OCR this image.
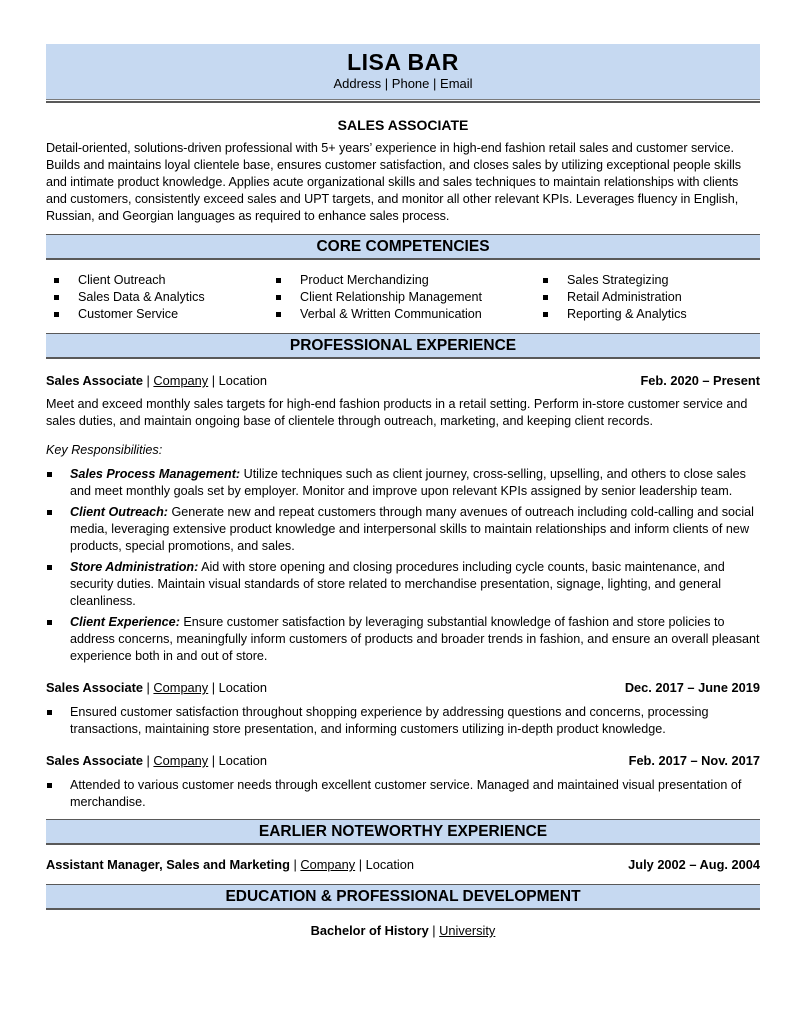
LISA BAR
Address | Phone | Email
SALES ASSOCIATE
Detail-oriented, solutions-driven professional with 5+ years’ experience in high-end fashion retail sales and customer service. Builds and maintains loyal clientele base, ensures customer satisfaction, and closes sales by utilizing exceptional people skills and intimate product knowledge. Applies acute organizational skills and sales techniques to maintain relationships with clients and customers, consistently exceed sales and UPT targets, and monitor all other relevant KPIs. Leverages fluency in English, Russian, and Georgian languages as required to enhance sales process.
CORE COMPETENCIES
Client Outreach
Sales Data & Analytics
Customer Service
Product Merchandizing
Client Relationship Management
Verbal & Written Communication
Sales Strategizing
Retail Administration
Reporting & Analytics
PROFESSIONAL EXPERIENCE
Sales Associate | Company | Location	Feb. 2020 – Present
Meet and exceed monthly sales targets for high-end fashion products in a retail setting. Perform in-store customer service and sales duties, and maintain ongoing base of clientele through outreach, marketing, and keeping client records.
Key Responsibilities:
Sales Process Management: Utilize techniques such as client journey, cross-selling, upselling, and others to close sales and meet monthly goals set by employer. Monitor and improve upon relevant KPIs assigned by senior leadership team.
Client Outreach: Generate new and repeat customers through many avenues of outreach including cold-calling and social media, leveraging extensive product knowledge and interpersonal skills to maintain relationships and inform clients of new products, special promotions, and sales.
Store Administration: Aid with store opening and closing procedures including cycle counts, basic maintenance, and security duties. Maintain visual standards of store related to merchandise presentation, signage, lighting, and general cleanliness.
Client Experience: Ensure customer satisfaction by leveraging substantial knowledge of fashion and store policies to address concerns, meaningfully inform customers of products and broader trends in fashion, and ensure an overall pleasant experience both in and out of store.
Sales Associate | Company | Location	Dec. 2017 – June 2019
Ensured customer satisfaction throughout shopping experience by addressing questions and concerns, processing transactions, maintaining store presentation, and informing customers utilizing in-depth product knowledge.
Sales Associate | Company | Location	Feb. 2017 – Nov. 2017
Attended to various customer needs through excellent customer service. Managed and maintained visual presentation of merchandise.
EARLIER NOTEWORTHY EXPERIENCE
Assistant Manager, Sales and Marketing | Company | Location	July 2002 – Aug. 2004
EDUCATION & PROFESSIONAL DEVELOPMENT
Bachelor of History | University
